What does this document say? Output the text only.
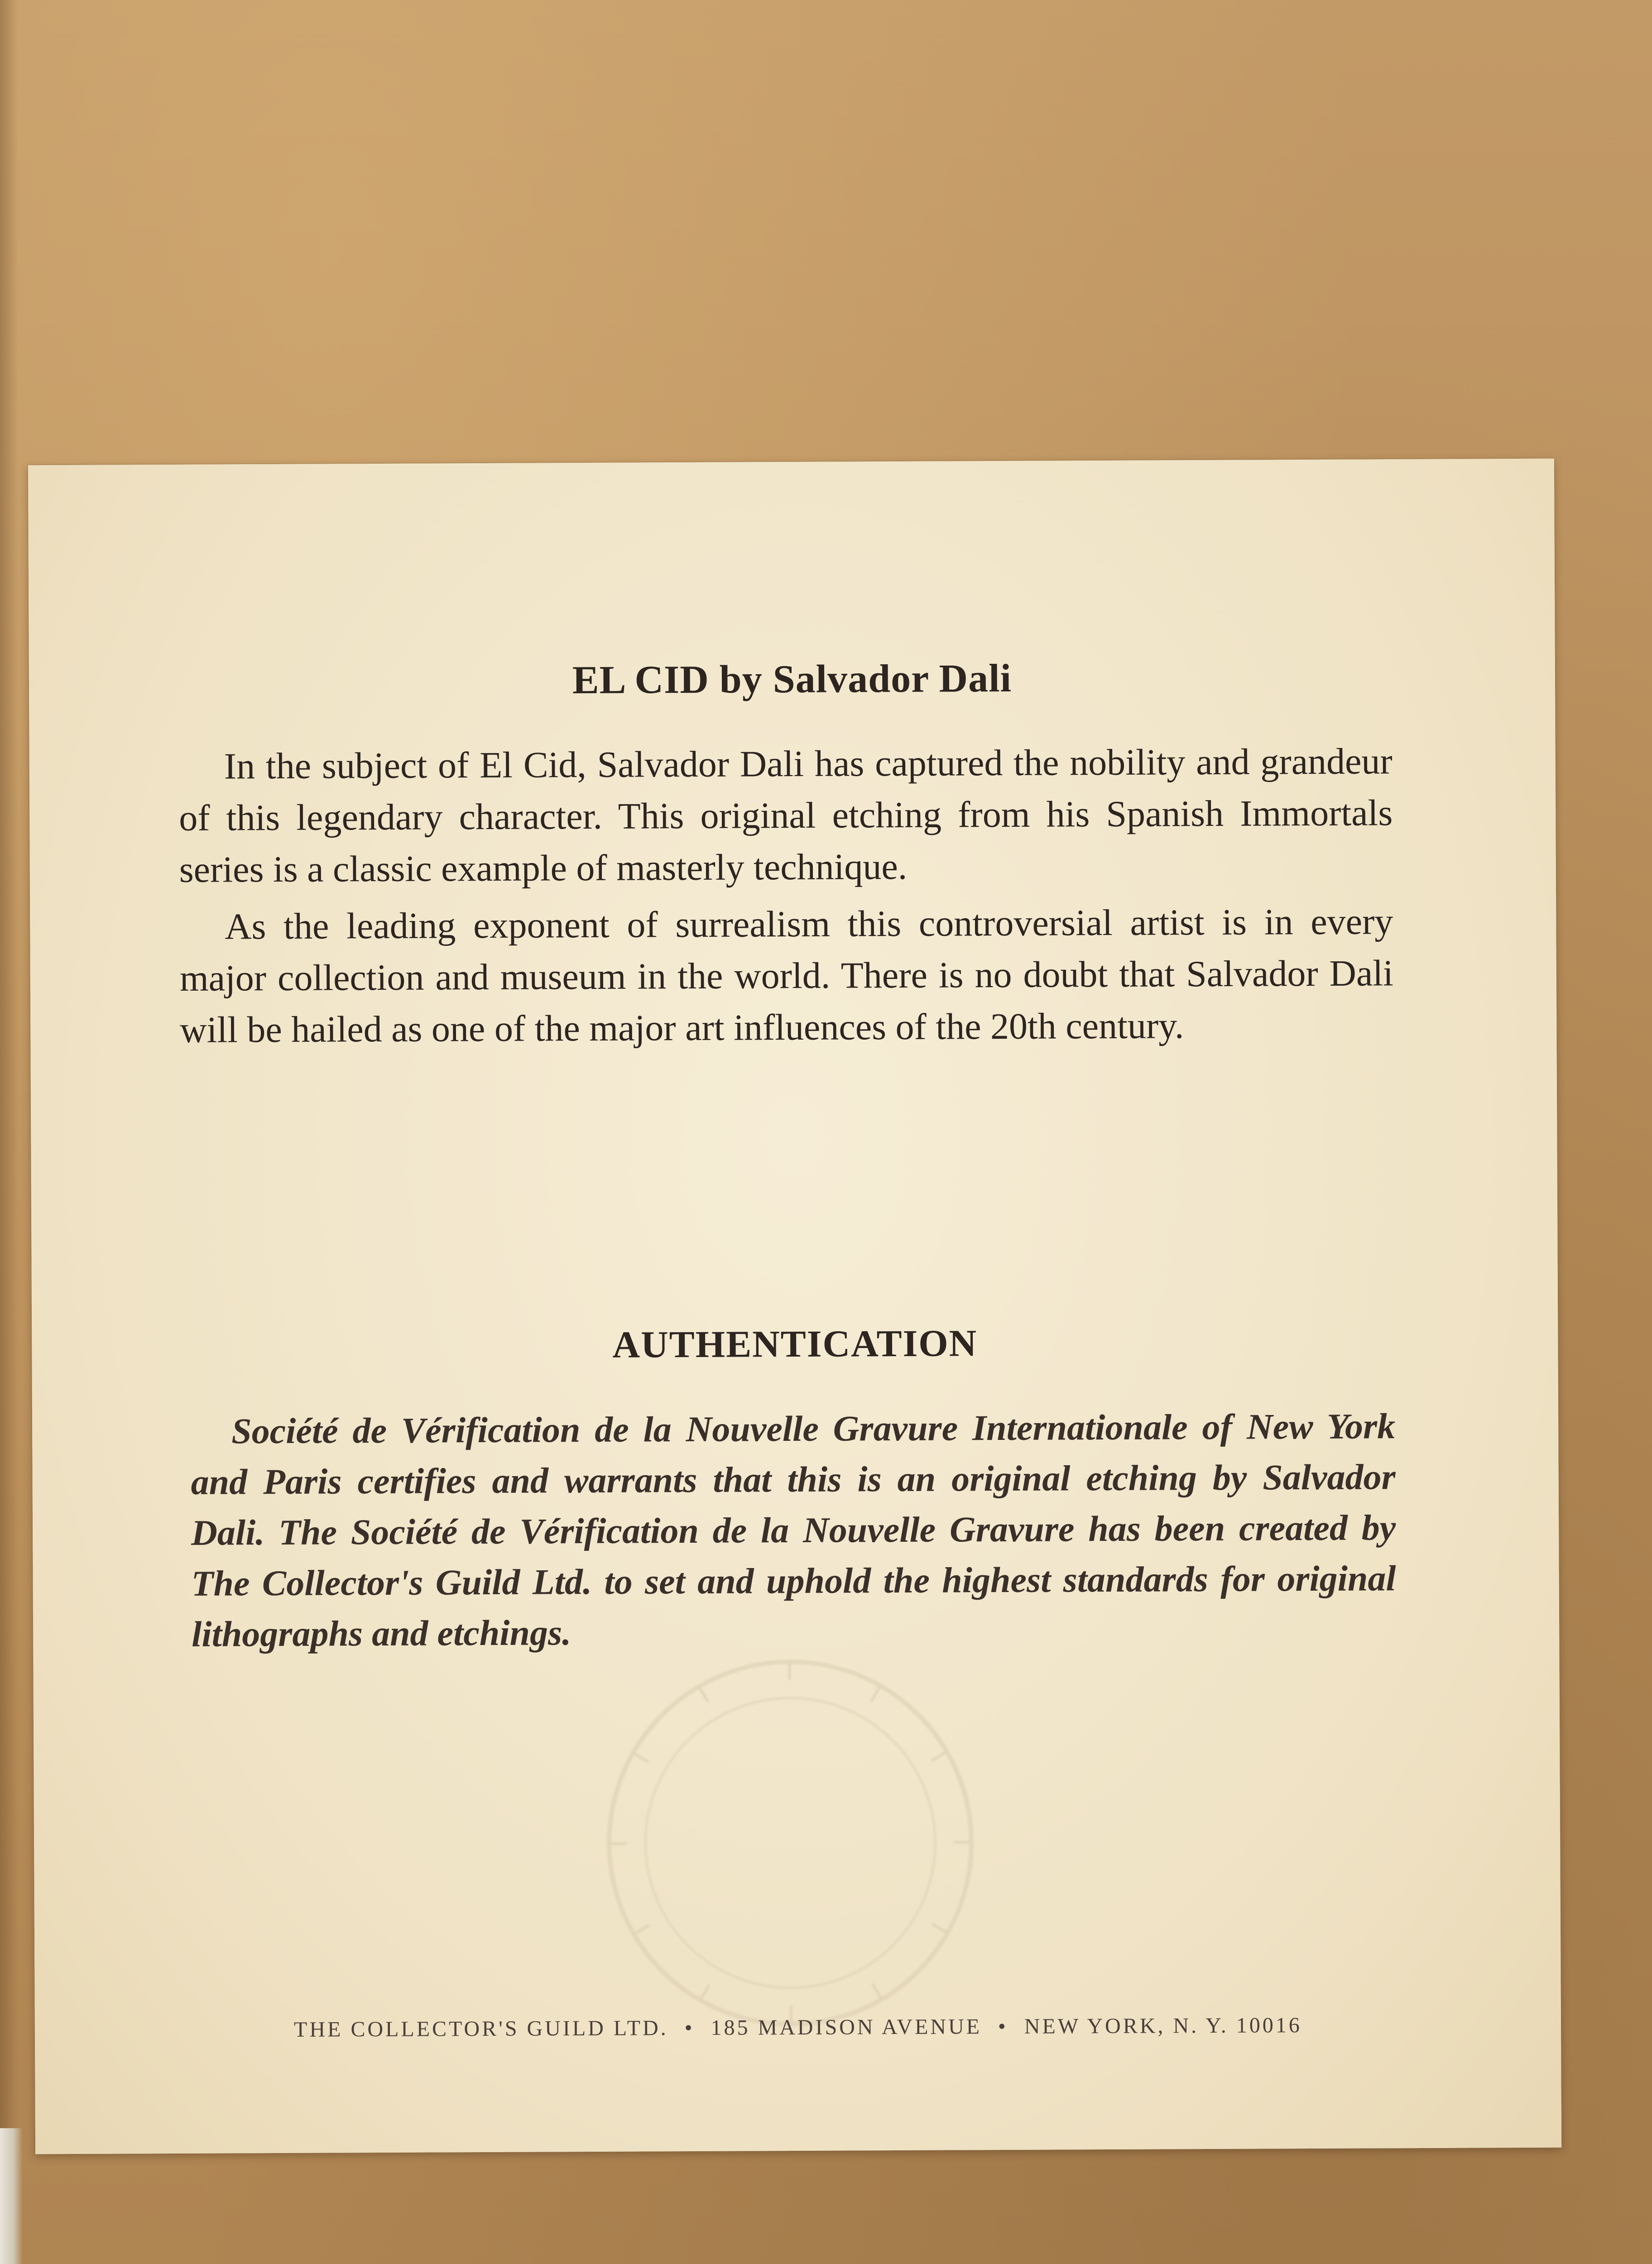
EL CID by Salvador Dali

In the subject of El Cid, Salvador Dali has captured the nobility and grandeur of this legendary character. This original etching from his Spanish Immortals series is a classic example of masterly technique.

As the leading exponent of surrealism this controversial artist is in every major collection and museum in the world. There is no doubt that Salvador Dali will be hailed as one of the major art influences of the 20th century.

AUTHENTICATION

Société de Vérification de la Nouvelle Gravure Internationale of New York and Paris certifies and warrants that this is an original etching by Salvador Dali. The Société de Vérification de la Nouvelle Gravure has been created by The Collector's Guild Ltd. to set and uphold the highest standards for original lithographs and etchings.

THE COLLECTOR'S GUILD LTD. • 185 MADISON AVENUE • NEW YORK, N. Y. 10016
